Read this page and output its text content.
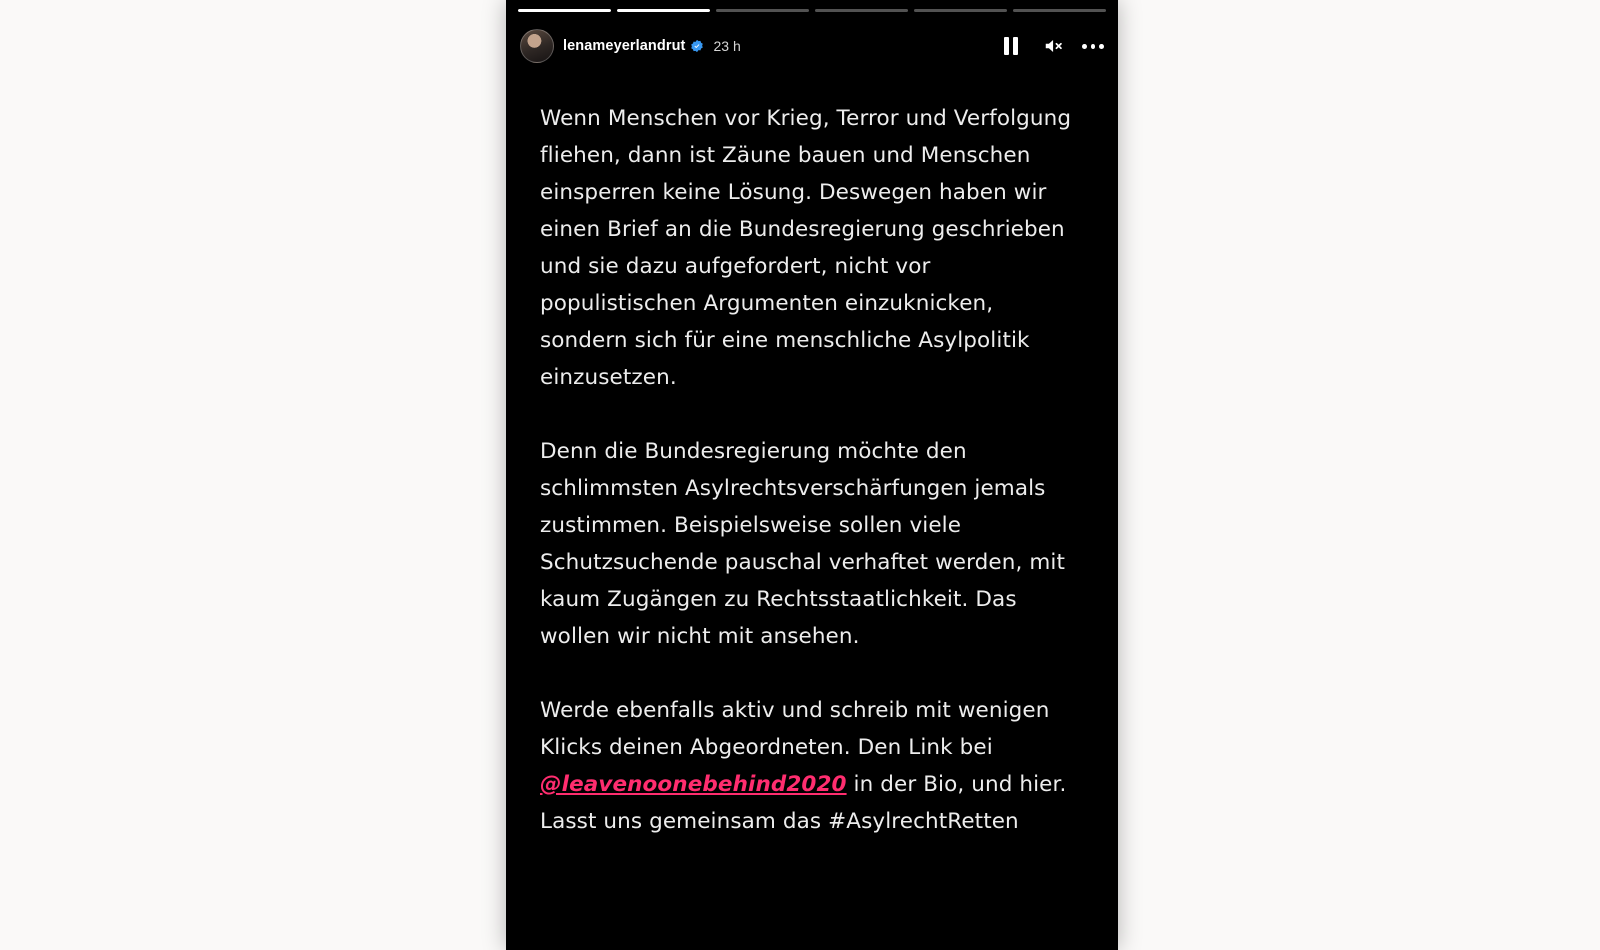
lenameyerlandrut 23 h

Wenn Menschen vor Krieg, Terror und Verfolgung fliehen, dann ist Zäune bauen und Menschen einsperren keine Lösung. Deswegen haben wir einen Brief an die Bundesregierung geschrieben und sie dazu aufgefordert, nicht vor populistischen Argumenten einzuknicken, sondern sich für eine menschliche Asylpolitik einzusetzen.

Denn die Bundesregierung möchte den schlimmsten Asylrechtsverschärfungen jemals zustimmen. Beispielsweise sollen viele Schutzsuchende pauschal verhaftet werden, mit kaum Zugängen zu Rechtsstaatlichkeit. Das wollen wir nicht mit ansehen.

Werde ebenfalls aktiv und schreib mit wenigen Klicks deinen Abgeordneten. Den Link bei @leavenoonebehind2020 in der Bio, und hier. Lasst uns gemeinsam das #AsylrechtRetten
